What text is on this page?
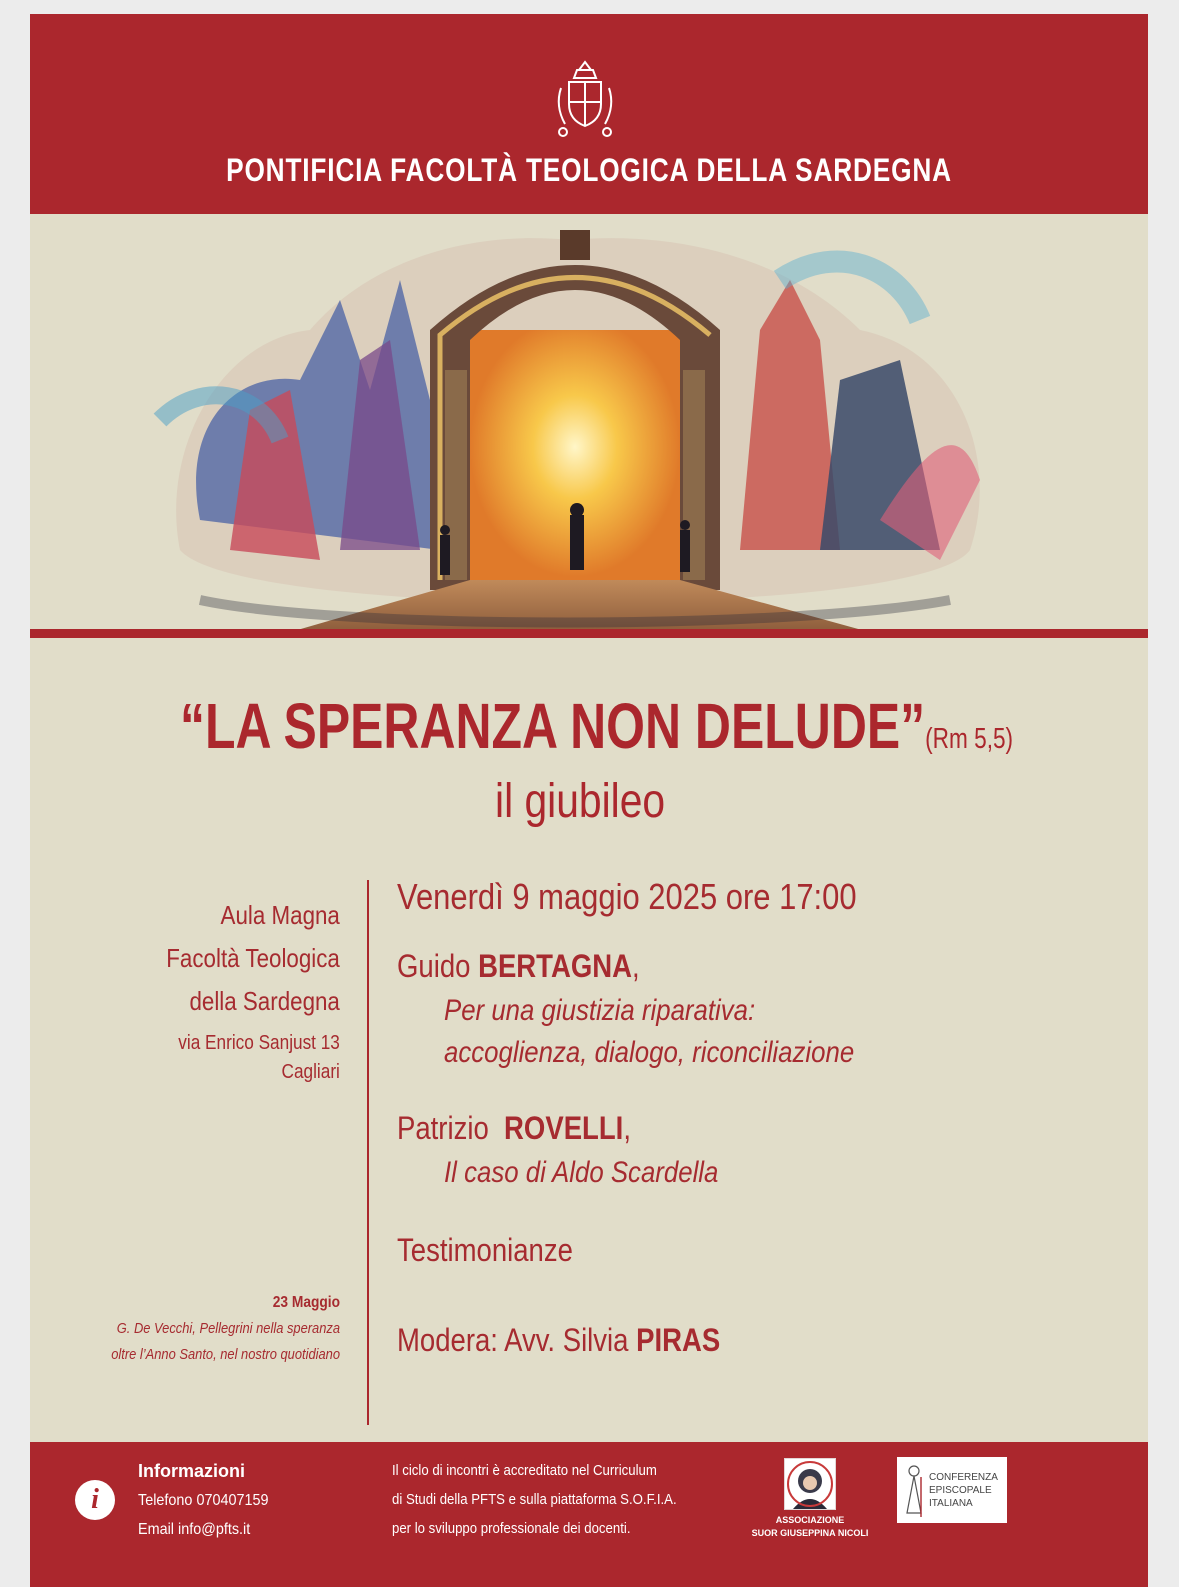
PONTIFICIA FACOLTÀ TEOLOGICA DELLA SARDEGNA
“LA SPERANZA NON DELUDE”(Rm 5,5)
il giubileo
Aula Magna
Facoltà Teologica
della Sardegna
via Enrico Sanjust 13
Cagliari
23 Maggio
G. De Vecchi, Pellegrini nella speranza
oltre l’Anno Santo, nel nostro quotidiano
Venerdì 9 maggio 2025 ore 17:00
Guido BERTAGNA,
Per una giustizia riparativa:
accoglienza, dialogo, riconciliazione
Patrizio ROVELLI,
Il caso di Aldo Scardella
Testimonianze
Modera: Avv. Silvia PIRAS
i
Informazioni
Telefono 070407159
Email info@pfts.it
Il ciclo di incontri è accreditato nel Curriculum
di Studi della PFTS e sulla piattaforma S.O.F.I.A.
per lo sviluppo professionale dei docenti.	ASSOCIAZIONE
SUOR GIUSEPPINA NICOLI
CONFERENZA
EPISCOPALE
ITALIANA
